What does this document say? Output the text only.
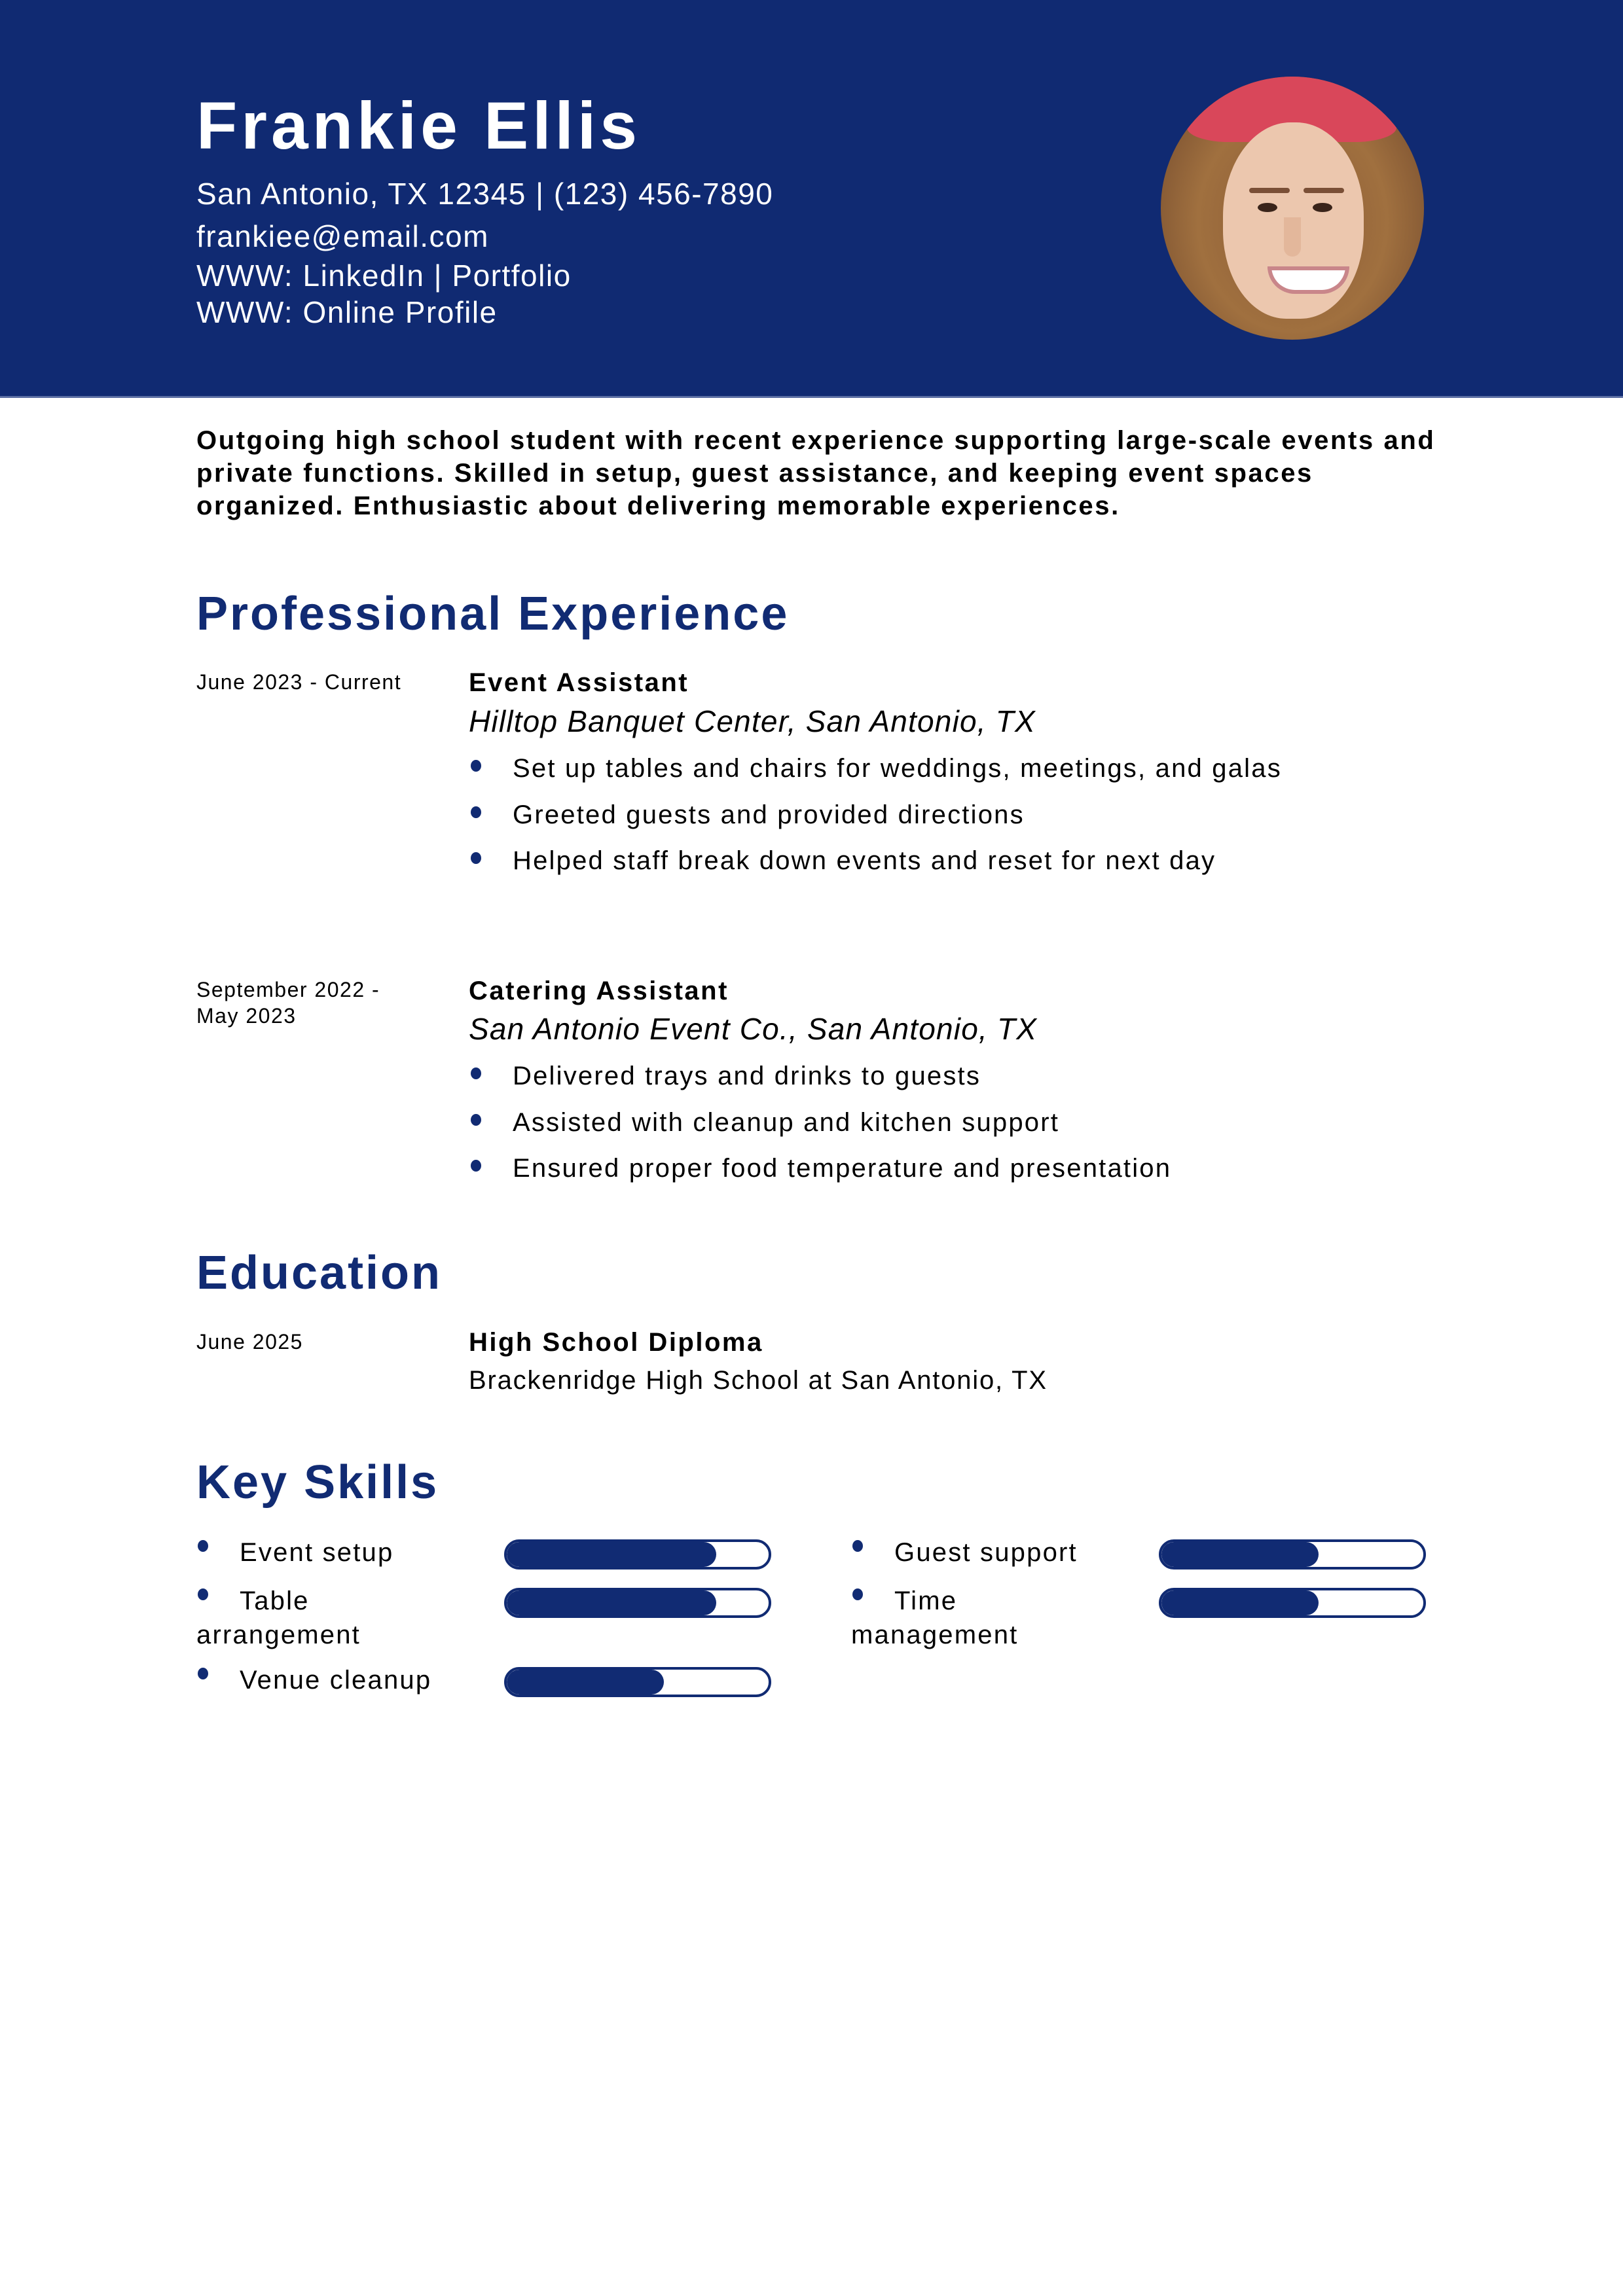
Frankie Ellis
San Antonio, TX 12345 | (123) 456-7890
frankiee@email.com
WWW: LinkedIn | Portfolio
WWW: Online Profile
Outgoing high school student with recent experience supporting large-scale events and private functions. Skilled in setup, guest assistance, and keeping event spaces organized. Enthusiastic about delivering memorable experiences.
Professional Experience
June 2023 - Current	Event Assistant
Hilltop Banquet Center, San Antonio, TX
Set up tables and chairs for weddings, meetings, and galas
Greeted guests and provided directions
Helped staff break down events and reset for next day
September 2022 - May 2023
Catering Assistant
San Antonio Event Co., San Antonio, TX
Delivered trays and drinks to guests
Assisted with cleanup and kitchen support
Ensured proper food temperature and presentation
Education
June 2025	High School Diploma
Brackenridge High School at San Antonio, TX
Key Skills
Event setup
Table arrangement
Venue cleanup
Guest support
Time management
